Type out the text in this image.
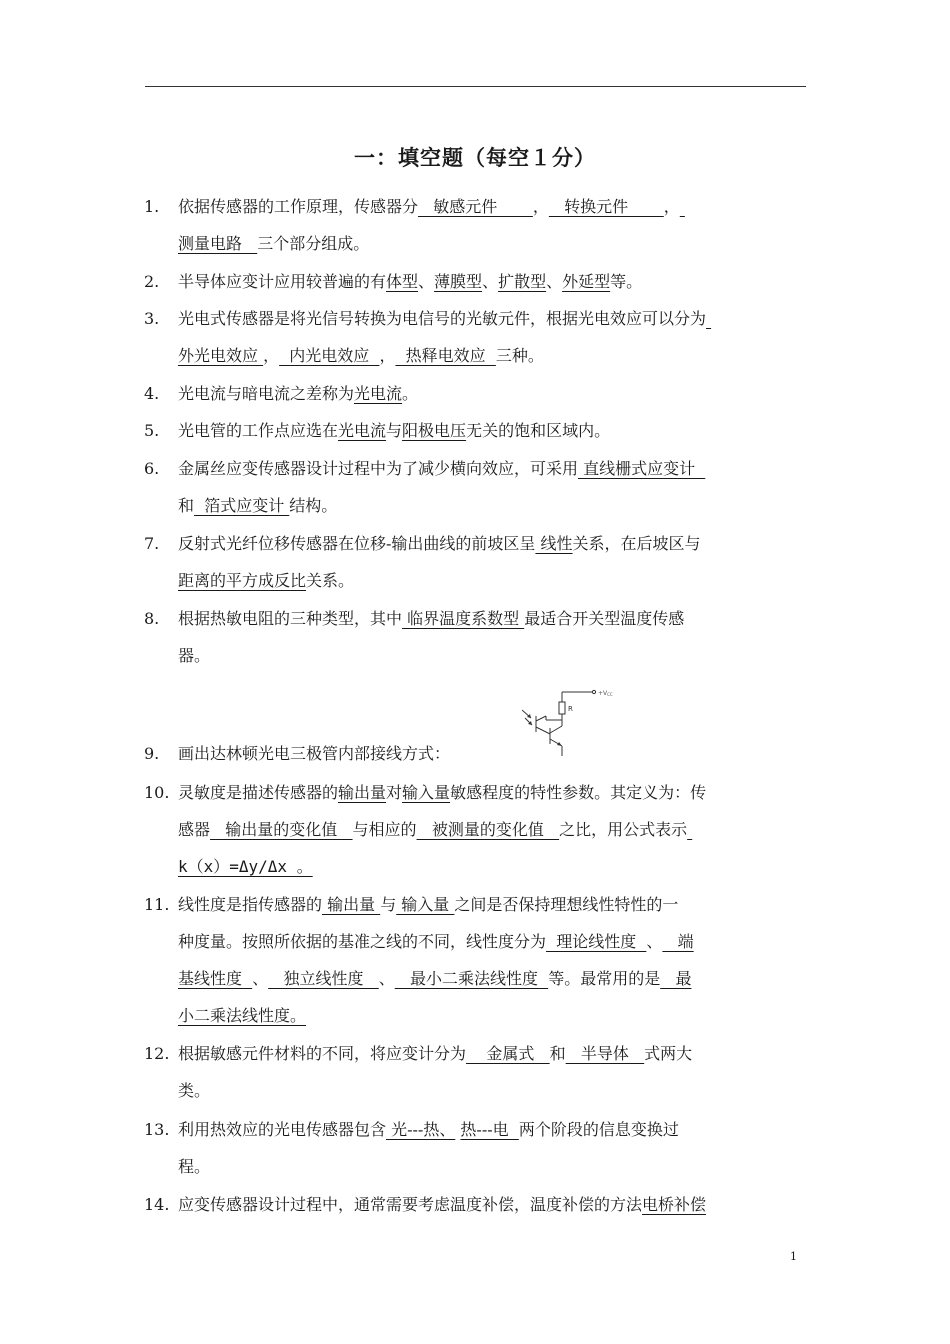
一：填空题（每空１分）
1. 依据传感器的工作原理，传感器分   敏感元件       ，   转换元件       ，
测量电路   三个部分组成。
2. 半导体应变计应用较普遍的有体型、薄膜型、扩散型、外延型等。
3. 光电式传感器是将光信号转换为电信号的光敏元件，根据光电效应可以分为
外光电效应 ，  内光电效应  ，  热释电效应  三种。
4. 光电流与暗电流之差称为光电流。
5. 光电管的工作点应选在光电流与阳极电压无关的饱和区域内。
6. 金属丝应变传感器设计过程中为了减少横向效应，可采用 直线栅式应变计
和  箔式应变计 结构。
7. 反射式光纤位移传感器在位移-输出曲线的前坡区呈 线性关系，在后坡区与
距离的平方成反比关系。
8. 根据热敏电阻的三种类型，其中 临界温度系数型 最适合开关型温度传感
器。
R
+VCC
9. 画出达林顿光电三极管内部接线方式：
10. 灵敏度是描述传感器的输出量对输入量敏感程度的特性参数。其定义为：传
感器   输出量的变化值   与相应的   被测量的变化值   之比，用公式表示
k（x）=Δy/Δx 。
11. 线性度是指传感器的 输出量 与 输入量 之间是否保持理想线性特性的一
种度量。按照所依据的基准之线的不同，线性度分为  理论线性度  、   端
基线性度  、   独立线性度   、   最小二乘法线性度  等。最常用的是   最
小二乘法线性度。
12. 根据敏感元件材料的不同，将应变计分为    金属式   和   半导体   式两大
类。
13. 利用热效应的光电传感器包含 光---热、 热---电  两个阶段的信息变换过
程。
14. 应变传感器设计过程中，通常需要考虑温度补偿，温度补偿的方法电桥补偿
1
